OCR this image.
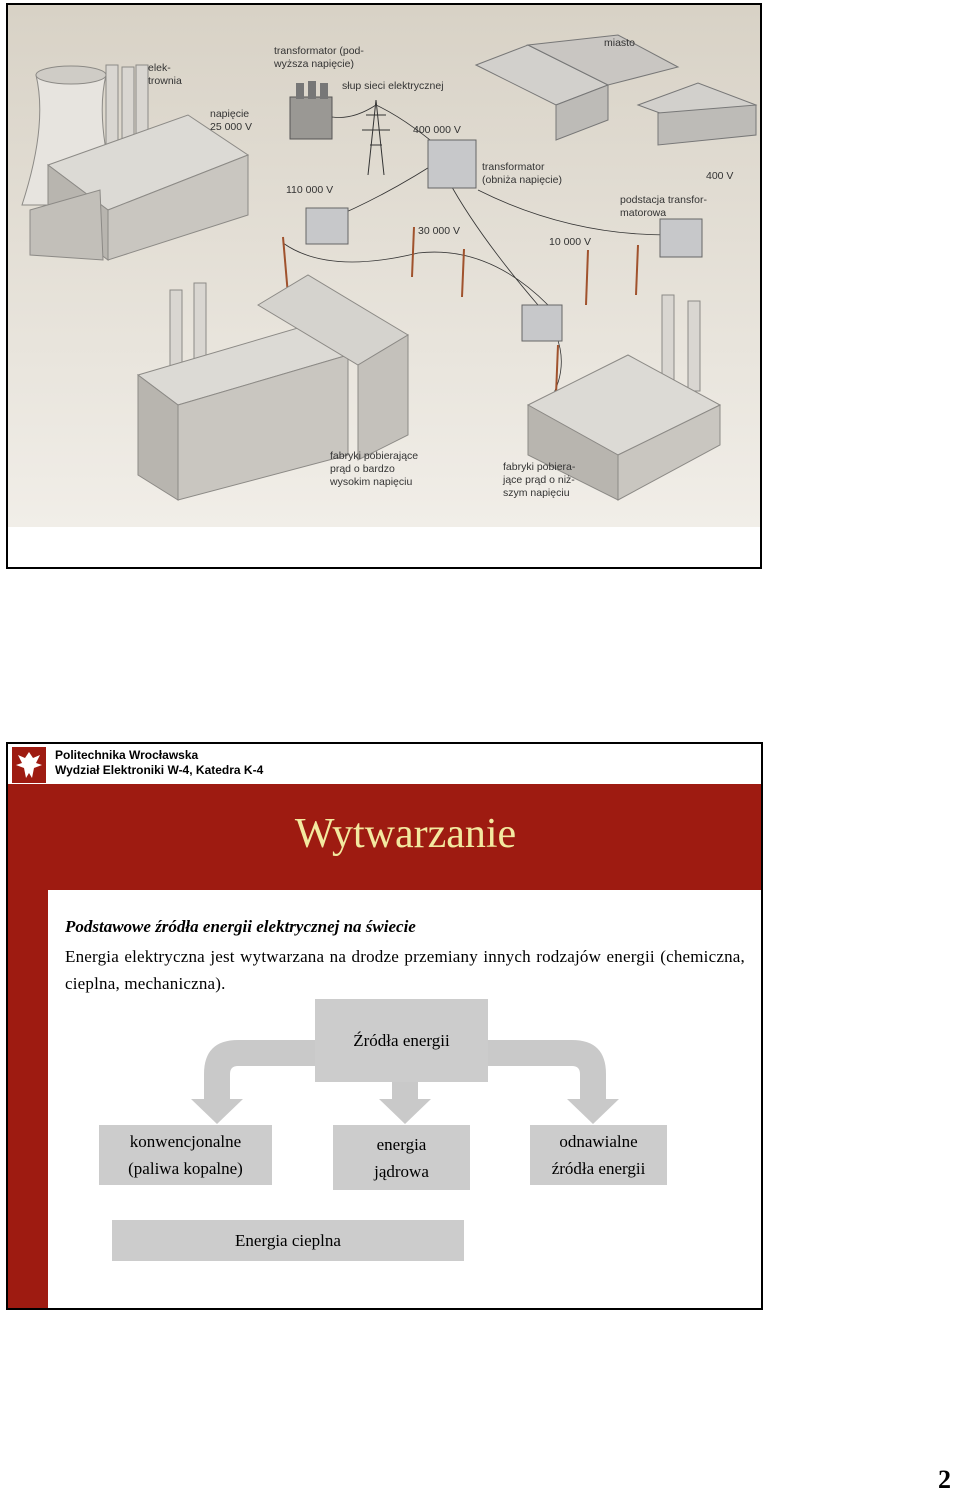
elek- trownia
napięcie 25 000 V
transformator (pod- wyższa napięcie)
słup sieci elektrycznej
miasto
400 000 V
110 000 V
30 000 V
transformator (obniża napięcie)	400 V
podstacja transfor- matorowa
10 000 V
fabryki pobierające prąd o bardzo wysokim napięciu
fabryki pobiera- jące prąd o niż- szym napięciu
Politechnika Wrocławska
Wydział Elektroniki W-4, Katedra K-4
Wytwarzanie
Podstawowe źródła energii elektrycznej na świecie
Energia elektryczna jest wytwarzana na drodze przemiany innych rodzajów energii (chemiczna, cieplna, mechaniczna).
Źródła energii
konwencjonalne
(paliwa kopalne)
energia
jądrowa
odnawialne
źródła energii
Energia cieplna
2
